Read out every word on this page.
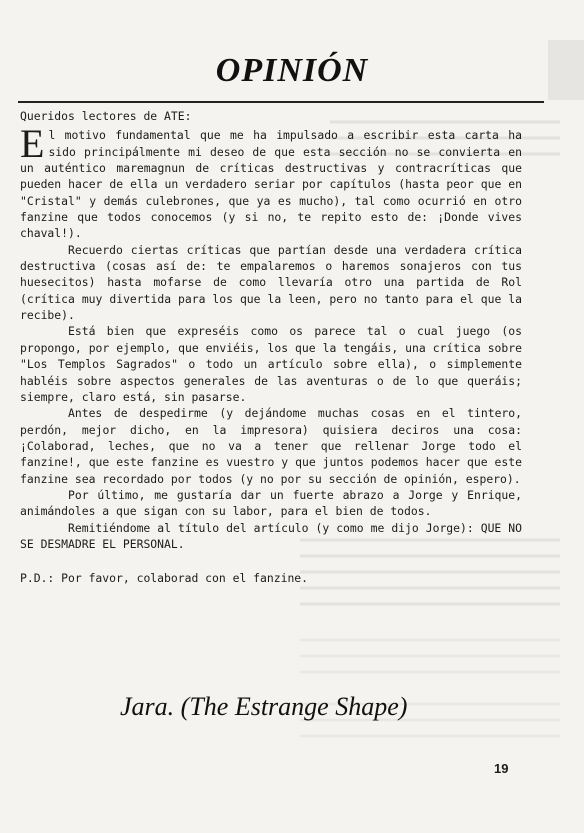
OPINIÓN

Queridos lectores de ATE:

El motivo fundamental que me ha impulsado a escribir esta carta ha sido principálmente mi deseo de que esta sección no se convierta en un auténtico maremagnun de críticas destructivas y contracríticas que pueden hacer de ella un verdadero seriar por capítulos (hasta peor que en "Cristal" y demás culebrones, que ya es mucho), tal como ocurrió en otro fanzine que todos conocemos (y si no, te repito esto de: ¡Donde vives chaval!).

Recuerdo ciertas críticas que partían desde una verdadera crítica destructiva (cosas así de: te empalaremos o haremos sonajeros con tus huesecitos) hasta mofarse de como llevaría otro una partida de Rol (crítica muy divertida para los que la leen, pero no tanto para el que la recibe).

Está bien que expreséis como os parece tal o cual juego (os propongo, por ejemplo, que enviéis, los que la tengáis, una crítica sobre "Los Templos Sagrados" o todo un artículo sobre ella), o simplemente habléis sobre aspectos generales de las aventuras o de lo que queráis; siempre, claro está, sin pasarse.

Antes de despedirme (y dejándome muchas cosas en el tintero, perdón, mejor dicho, en la impresora) quisiera deciros una cosa: ¡Colaborad, leches, que no va a tener que rellenar Jorge todo el fanzine!, que este fanzine es vuestro y que juntos podemos hacer que este fanzine sea recordado por todos (y no por su sección de opinión, espero).

Por último, me gustaría dar un fuerte abrazo a Jorge y Enrique, animándoles a que sigan con su labor, para el bien de todos.

Remitiéndome al título del artículo (y como me dijo Jorge): QUE NO SE DESMADRE EL PERSONAL.

P.D.: Por favor, colaborad con el fanzine.

Jara. (The Estrange Shape)
19
